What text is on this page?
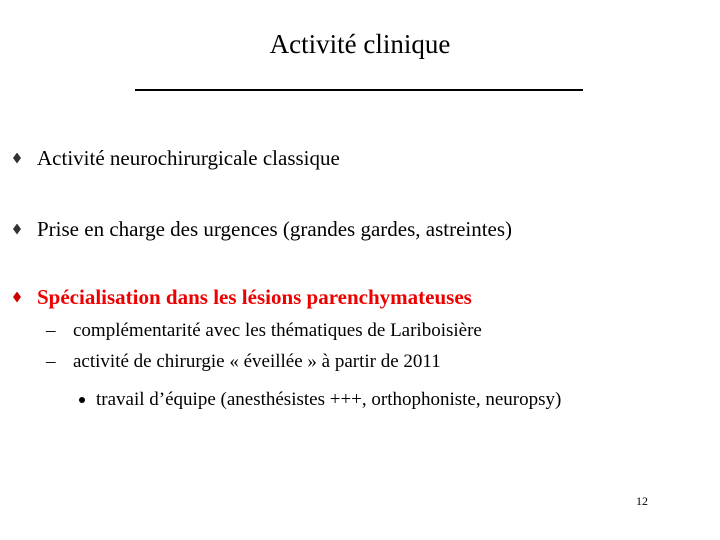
Activité clinique
Activité neurochirurgicale classique
Prise en charge des urgences (grandes gardes, astreintes)
Spécialisation dans les lésions parenchymateuses
– complémentarité avec les thématiques de Lariboisière
– activité de chirurgie « éveillée » à partir de 2011
travail d’équipe (anesthésistes +++, orthophoniste, neuropsy)
12
